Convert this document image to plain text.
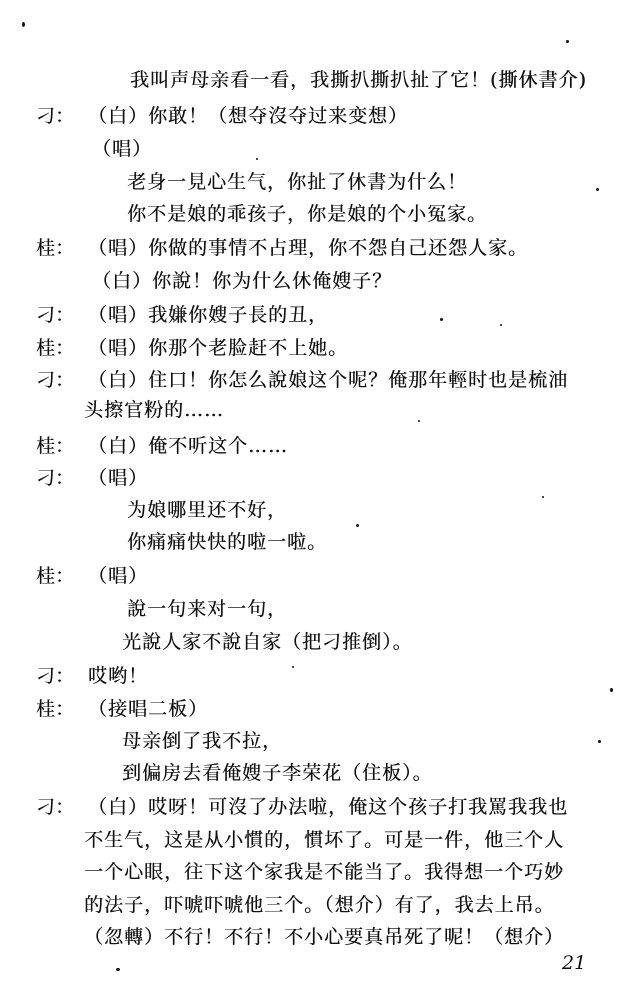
我叫声母亲看一看，我撕扒撕扒扯了它！(撕休書介)
刁： （白）你敢！（想夺沒夺过来变想）
（唱）
老身一見心生气，你扯了休書为什么！
你不是娘的乖孩子，你是娘的个小冤家。
桂： （唱）你做的事情不占理，你不怨自己还怨人家。
（白）你說！你为什么休俺嫂子？
刁： （唱）我嫌你嫂子長的丑，
桂： （唱）你那个老脸赶不上她。
刁： （白）住口！你怎么說娘这个呢？俺那年輕时也是梳油
头擦官粉的……
桂： （白）俺不听这个……
刁： （唱）
为娘哪里还不好，
你痛痛快快的啦一啦。
桂： （唱）
說一句来对一句，
光說人家不說自家（把刁推倒）。
刁： 哎哟！
桂： （接唱二板）
母亲倒了我不拉，
到偏房去看俺嫂子李荣花（住板）。
刁： （白）哎呀！可沒了办法啦，俺这个孩子打我罵我我也
不生气，这是从小慣的，慣坏了。可是一件，他三个人
一个心眼，往下这个家我是不能当了。我得想一个巧妙
的法子，吓唬吓唬他三个。（想介）有了，我去上吊。
（忽轉）不行！不行！不小心要真吊死了呢！（想介）
21
